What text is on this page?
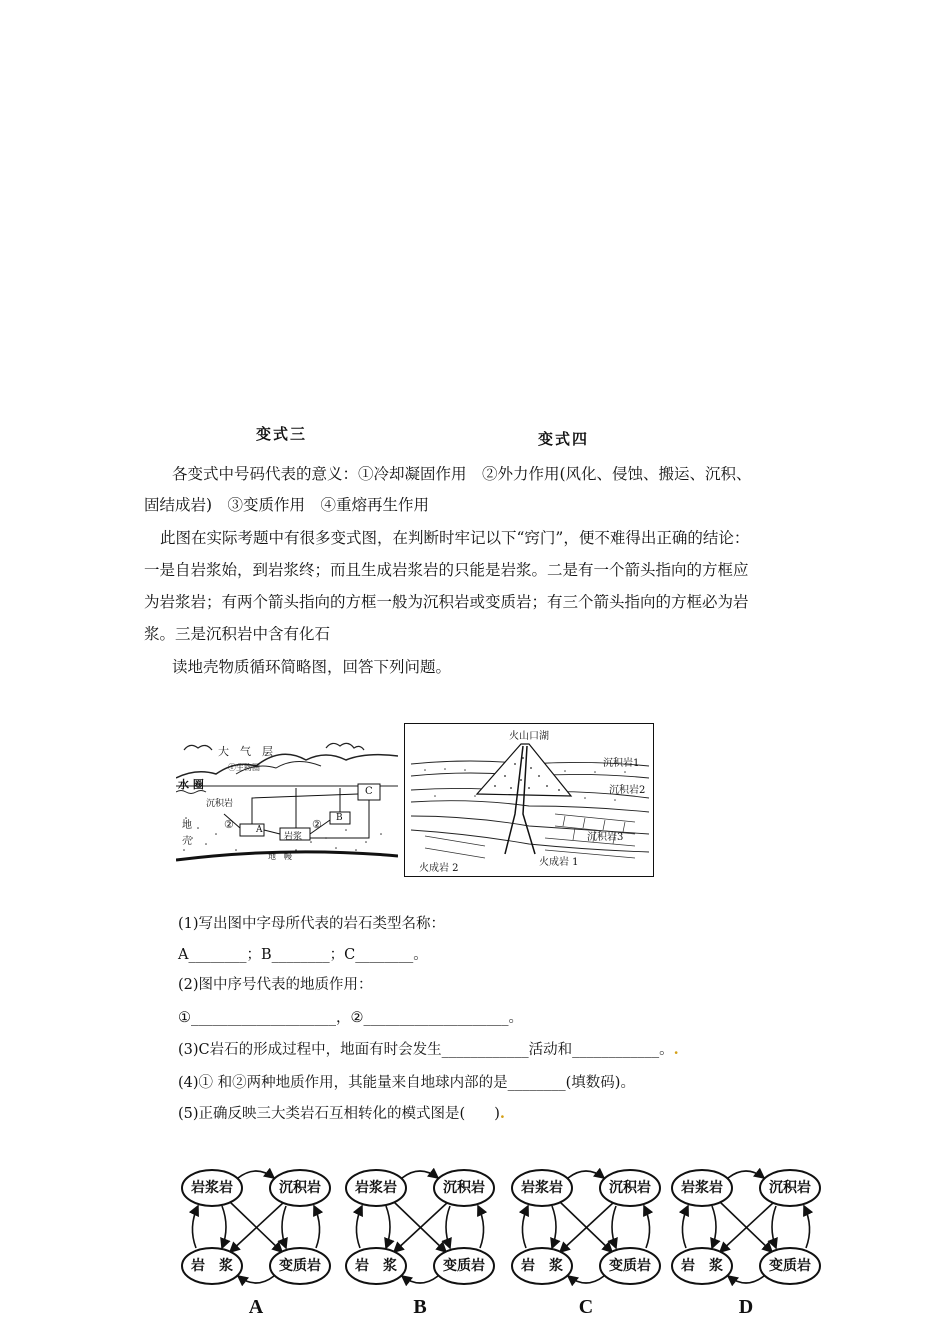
变式三	变式四
各变式中号码代表的意义：①冷却凝固作用　②外力作用(风化、侵蚀、搬运、沉积、
固结成岩)　③变质作用　④重熔再生作用
此图在实际考题中有很多变式图，在判断时牢记以下“窍门”，便不难得出正确的结论：
一是自岩浆始，到岩浆终；而且生成岩浆岩的只能是岩浆。二是有一个箭头指向的方框应
为岩浆岩；有两个箭头指向的方框一般为沉积岩或变质岩；有三个箭头指向的方框必为岩
浆。三是沉积岩中含有化石
读地壳物质循环简略图，回答下列问题。
大　气　层
①生物圈
水 圈
沉积岩
地
壳
② A
岩浆
② B
C
地　幔
火山口湖
沉积岩1
沉积岩2
沉积岩3
火成岩 1
火成岩 2
(1)写出图中字母所代表的岩石类型名称：
A________；B________；C________。
(2)图中序号代表的地质作用：
①____________________，②____________________。
(3)C岩石的形成过程中，地面有时会发生____________活动和____________。.
(4)① 和②两种地质作用，其能量来自地球内部的是________(填数码)。
(5)正确反映三大类岩石互相转化的模式图是(　　).
岩浆岩	沉积岩
岩　浆	变质岩
A
岩浆岩	沉积岩
岩　浆	变质岩
B
岩浆岩	沉积岩
岩　浆	变质岩
C
岩浆岩	沉积岩
岩　浆	变质岩
D
